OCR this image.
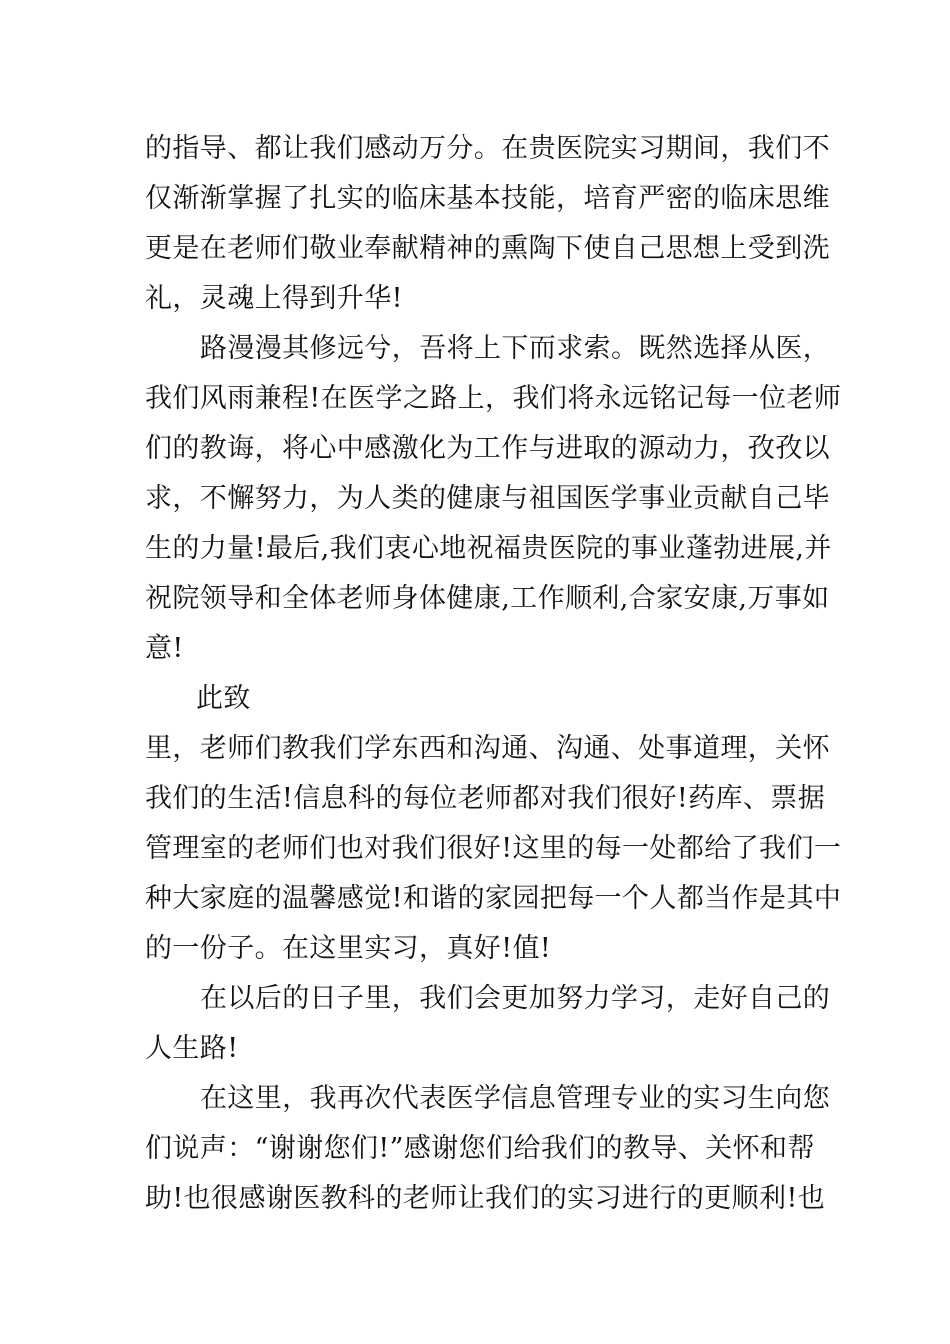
的指导、都让我们感动万分。在贵医院实习期间，我们不

仅渐渐掌握了扎实的临床基本技能，培育严密的临床思维

更是在老师们敬业奉献精神的熏陶下使自己思想上受到洗

礼，灵魂上得到升华!

路漫漫其修远兮，吾将上下而求索。既然选择从医，

我们风雨兼程!在医学之路上，我们将永远铭记每一位老师

们的教诲，将心中感激化为工作与进取的源动力，孜孜以

求，不懈努力，为人类的健康与祖国医学事业贡献自己毕

生的力量!最后,我们衷心地祝福贵医院的事业蓬勃进展,并

祝院领导和全体老师身体健康,工作顺利,合家安康,万事如

意!

此致

里，老师们教我们学东西和沟通、沟通、处事道理，关怀

我们的生活!信息科的每位老师都对我们很好!药库、票据

管理室的老师们也对我们很好!这里的每一处都给了我们一

种大家庭的温馨感觉!和谐的家园把每一个人都当作是其中

的一份子。在这里实习，真好!值!

在以后的日子里，我们会更加努力学习，走好自己的

人生路!

在这里，我再次代表医学信息管理专业的实习生向您

们说声：“谢谢您们!”感谢您们给我们的教导、关怀和帮

助!也很感谢医教科的老师让我们的实习进行的更顺利!也
